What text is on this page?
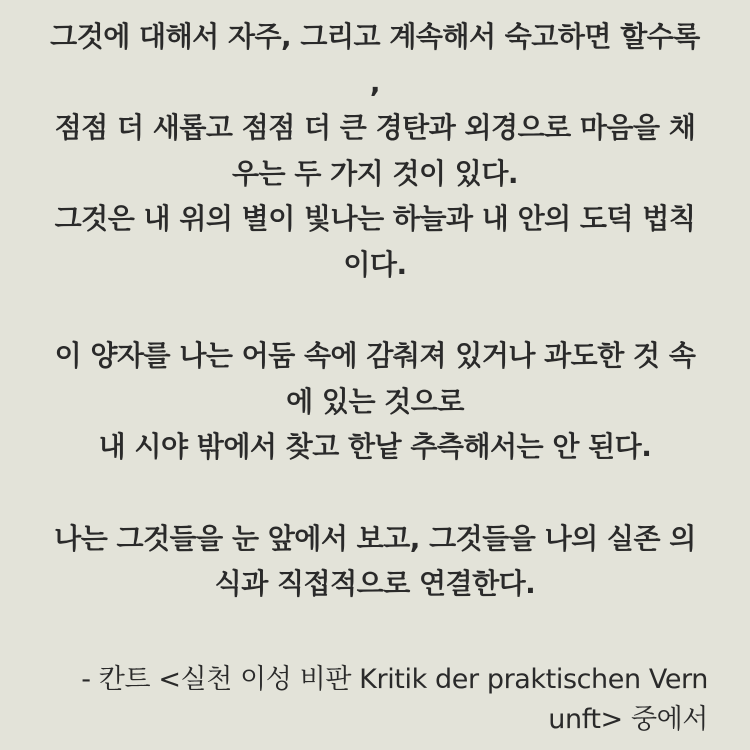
그것에 대해서 자주, 그리고 계속해서 숙고하면 할수록
,
점점 더 새롭고 점점 더 큰 경탄과 외경으로 마음을 채
우는 두 가지 것이 있다.
그것은 내 위의 별이 빛나는 하늘과 내 안의 도덕 법칙
이다.
이 양자를 나는 어둠 속에 감춰져 있거나 과도한 것 속
에 있는 것으로
내 시야 밖에서 찾고 한낱 추측해서는 안 된다.
나는 그것들을 눈 앞에서 보고, 그것들을 나의 실존 의
식과 직접적으로 연결한다.
- 칸트 <실천 이성 비판 Kritik der praktischen Vern
unft> 중에서
